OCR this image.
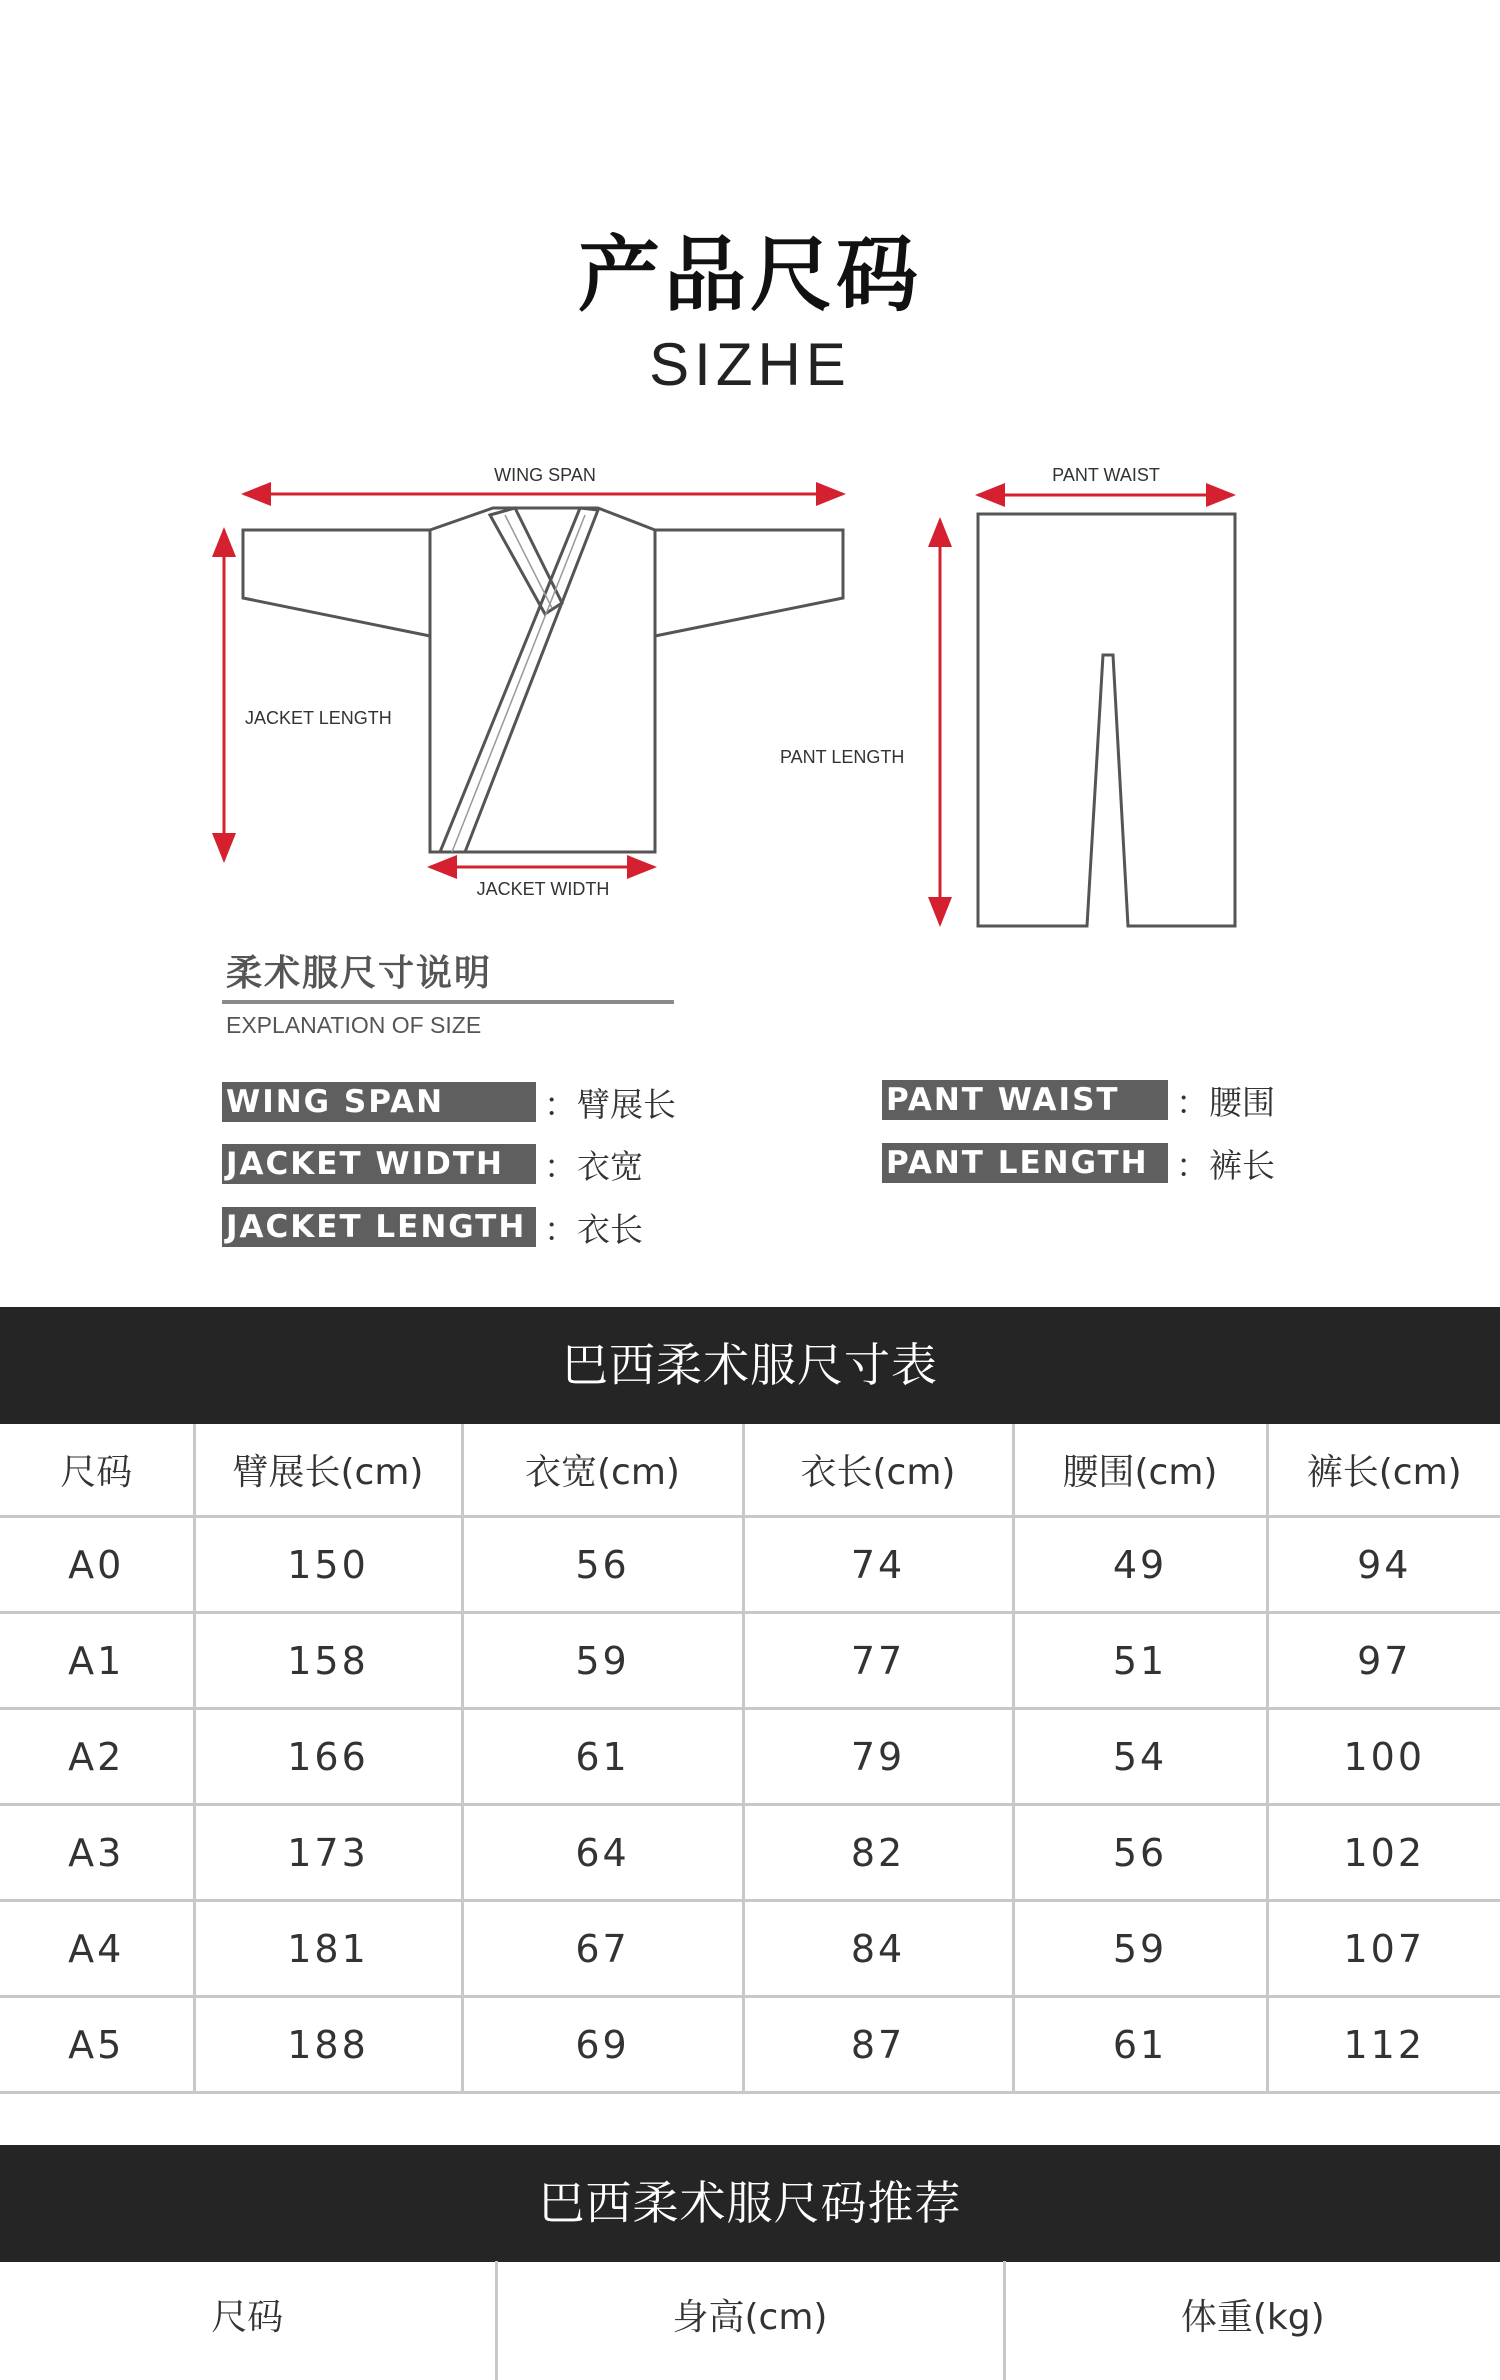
产品尺码
SIZHE
WING SPAN
JACKET LENGTH
JACKET WIDTH
PANT WAIST
PANT LENGTH
柔术服尺寸说明
EXPLANATION OF SIZE
WING SPAN	：臂展长
JACKET WIDTH	：衣宽
JACKET LENGTH ：衣长
PANT WAIST	：腰围
PANT LENGTH ：裤长
巴西柔术服尺寸表
尺码	臂展长(cm)	衣宽(cm)	衣长(cm)	腰围(cm)	裤长(cm)
A0	150	56	74	49	94
A1	158	59	77	51	97
A2	166	61	79	54	100
A3	173	64	82	56	102
A4	181	67	84	59	107
A5	188	69	87	61	112
巴西柔术服尺码推荐
尺码	身高(cm)	体重(kg)
